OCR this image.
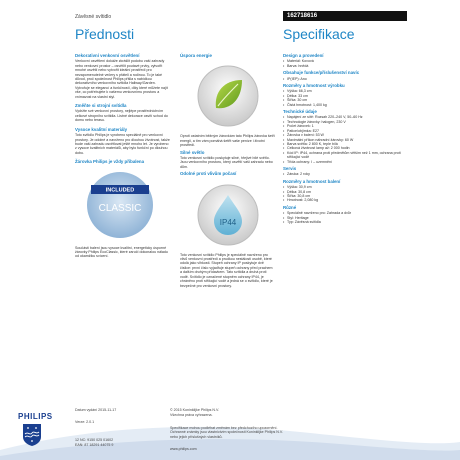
Závěsné svítidlo	162718616
Přednosti	Specifikace
Dekorativní venkovní osvětlení
Venkovní osvětlení dokáže zkrášlit podobu vaší zahrady nebo venkovní prostor – osvětlit poutavé prvky, vytvořit mnohé osvětlí nebo vytvořit ideální prostředí pro nezapomenutelné večery s přáteli a rodinou. To je také důvod, proč společnost Philips přišla s nabídkou dekorativního venkovního svítidla Hallway/Garden. Vytvořuje se elegancí a funkčností, díky které můžete najít vše, co potřebujete k vašemu venkovnímu prostoru a vnímavost na vlastní styl.
Změňte si strojní svítidla
Vydržte své venkovní prostory, nejlépe prostředníchvím celkové stropního svítidla. Listné dekorace osvítí schod do domu nebo terasu.
Vysoce kvalitní materiály
Toto svítidlo Philips je vyrobeno speciálně pro venkovní prostory. Je odolné a navrženo pro dlouhou životnost, takže bude vaši zahradu osvětlovat ještě mnoho let. Je vyrobeno z vysoce kvalitních materiálů, aby bylo funkční po dlouhou dobu.
Žárovka Philips je vždy přibalena
INCLUDED
CLASSIC
Součástí balení jsou vysoce kvalitní, energeticky úsporné žárovky Philips EcoClassic, které zaručí dokonalou náladu od okamžiku svícení.
Úspora energie
Oproti ostatním běžným žárovkám tato Philips žárovka šetří energii, a tím vám pomáhá šetřit vaše peníze i životní prostředí.
Silné světlo
Toto venkovní svítidlo poskytuje silné, hřejivé bílé světlo. Jsou venkovního prostoru, který osvětlí vaši zahradu nebo dům.
Odolné proti vlivům počasí
IP44
Toto venkovní svítidlo Philips je speciálně navrženo pro vlivů venkovní prostředí a prudkou nestálostí osobě, které odolá jako vlhkosti. Stupeň ochrany IP poskytuje dvě číslice: první číslo vyjadřuje stupeň ochrany před prachem a dalším druhým přídavkem. Tato svítidla a druhá proti vodě. Svítidlo je označené stupněm ochrany IP44, je chráněno proti stříkající vodě a jedná se o svítidlo, které je bezpečné pro venkovní prostory.
Design a provedení
• Materiál: Kovová
• Barva: hnědá
Obsahuje funkce/příslušenství navíc
• IP(IEP): Ano
Rozměry a hmotnost výrobku
• Výška: 66,3 cm
• Délka: 33 cm
• Šířka: 30 cm
• Čistá hmotnost: 1,400 kg
Technické údaje
• Napájení ze sítě: Rozsah 220–240 V, 50–60 Hz
• Technologie žárovky: halogen, 230 V
• Počet žárovek: 1
• Patice/objímka: E27
• Žárovka v balení: 53 W
• Maximální příkon náhradní žárovky: 60 W
• Barva světla: 2 800 K, teple bílá
• Celková životnost lamp až: 2 000 hodin
• Kód IP: IP44, ochrana proti předmětům větším než 1 mm, ochrana proti stříkající vodě
• Třída ochrany: I – uzemnění
Servis
• Záruka: 2 roky
Rozměry a hmotnost balení
• Výška: 30,9 cm
• Délka: 30,8 cm
• Šířka: 30,8 cm
• Hmotnost: 2,080 kg
Různé
• Speciálně navrženo pro: Zahrada a dvůr
• Styl: Heritage
• Typ: Závěsná svítidla
PHILIPS
Datum vydání 2015-11-17
Verze: 2.0.1
12 NC: 9150 025 01602
EAN: 87 18291 44075 9
© 2015 Koninklijke Philips N.V.
Všechna práva vyhrazena.
Specifikace mohou podléhat změnám bez předchozího upozornění. Ochranné známky jsou vlastnictvím společnosti Koninklijke Philips N.V. nebo jejich příslušných vlastníků.
www.philips.com
